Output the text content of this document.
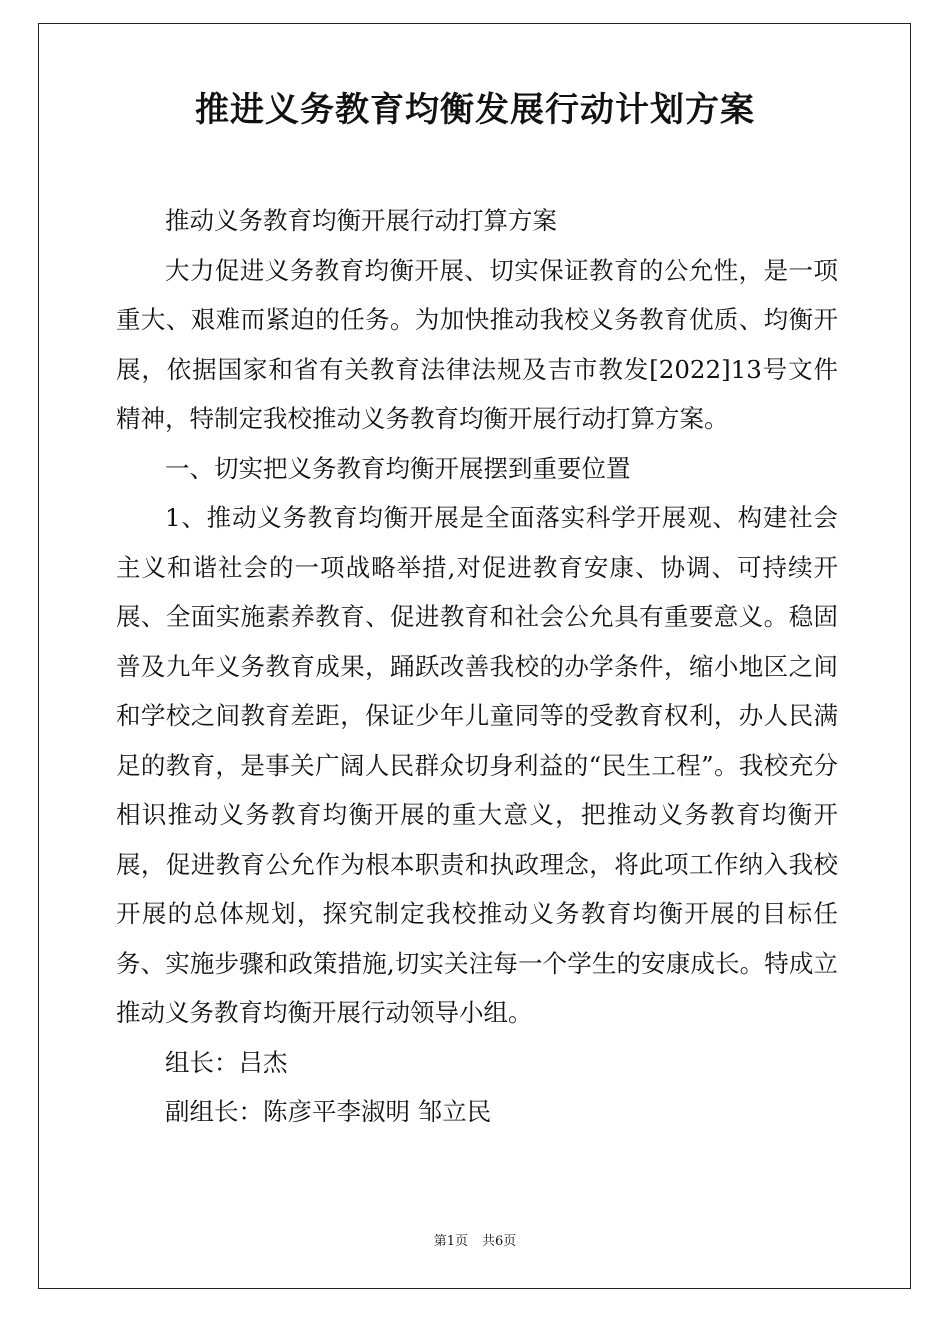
推进义务教育均衡发展行动计划方案

推动义务教育均衡开展行动打算方案

大力促进义务教育均衡开展、切实保证教育的公允性，是一项重大、艰难而紧迫的任务。为加快推动我校义务教育优质、均衡开展，依据国家和省有关教育法律法规及吉市教发[2022]13号文件精神，特制定我校推动义务教育均衡开展行动打算方案。

一、切实把义务教育均衡开展摆到重要位置

1、推动义务教育均衡开展是全面落实科学开展观、构建社会主义和谐社会的一项战略举措,对促进教育安康、协调、可持续开展、全面实施素养教育、促进教育和社会公允具有重要意义。稳固普及九年义务教育成果，踊跃改善我校的办学条件，缩小地区之间和学校之间教育差距，保证少年儿童同等的受教育权利，办人民满足的教育，是事关广阔人民群众切身利益的“民生工程”。我校充分相识推动义务教育均衡开展的重大意义，把推动义务教育均衡开展，促进教育公允作为根本职责和执政理念，将此项工作纳入我校开展的总体规划，探究制定我校推动义务教育均衡开展的目标任务、实施步骤和政策措施,切实关注每一个学生的安康成长。特成立推动义务教育均衡开展行动领导小组。

组长：吕杰

副组长：陈彦平李淑明 邹立民

第1页 共6页
